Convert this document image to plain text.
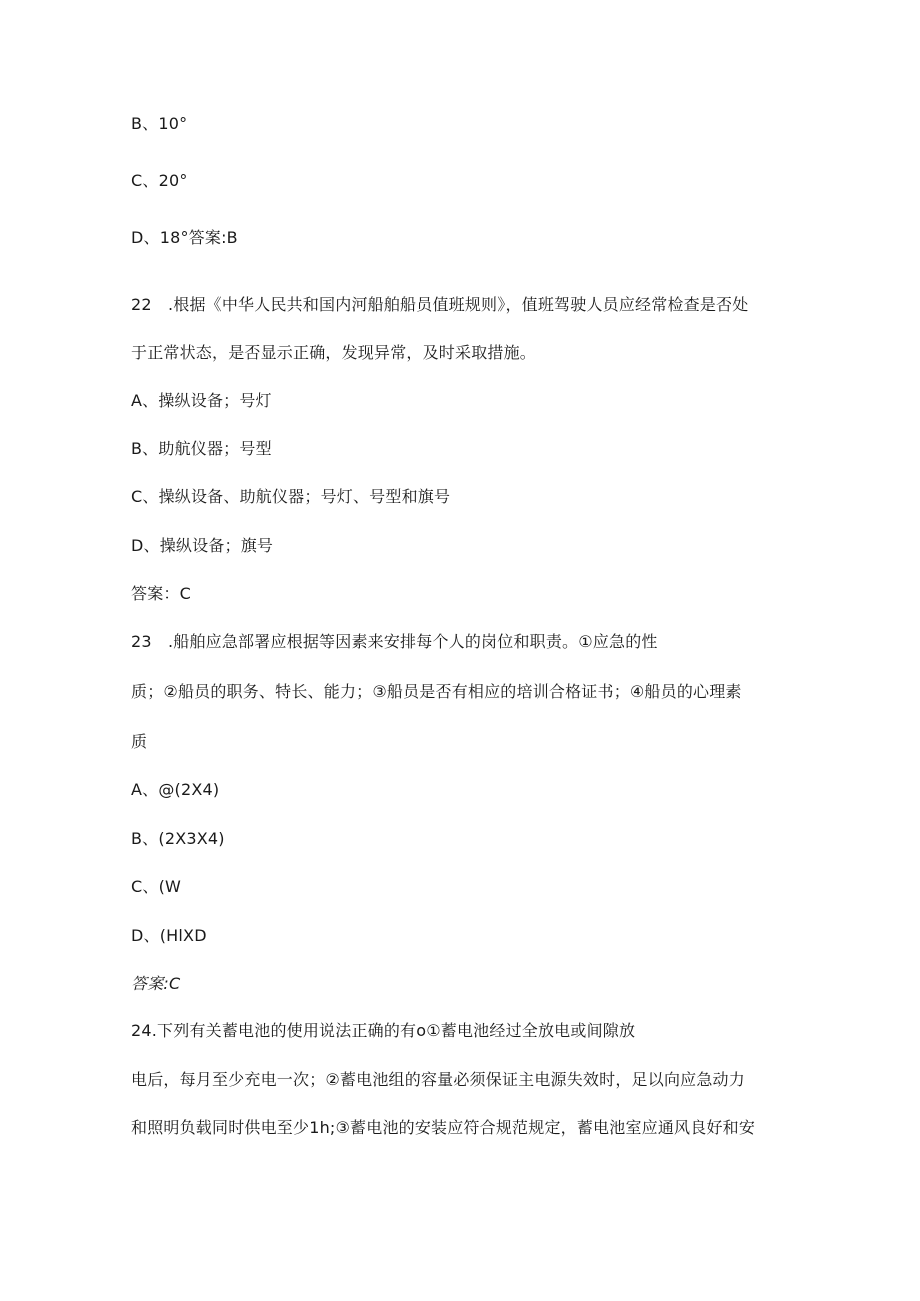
B、10°
C、20°
D、18°答案:B
22　.根据《中华人民共和国内河船舶船员值班规则》，值班驾驶人员应经常检查是否处
于正常状态，是否显示正确，发现异常，及时采取措施。
A、操纵设备；号灯
B、助航仪器；号型
C、操纵设备、助航仪器；号灯、号型和旗号
D、操纵设备；旗号
答案：C
23　.船舶应急部署应根据等因素来安排每个人的岗位和职责。①应急的性
质；②船员的职务、特长、能力；③船员是否有相应的培训合格证书；④船员的心理素
质
A、@(2X4)
B、(2X3X4)
C、(W
D、(HlXD
答案:C
24.下列有关蓄电池的使用说法正确的有o①蓄电池经过全放电或间隙放
电后，每月至少充电一次；②蓄电池组的容量必须保证主电源失效时，足以向应急动力
和照明负载同时供电至少1h;③蓄电池的安装应符合规范规定，蓄电池室应通风良好和安
